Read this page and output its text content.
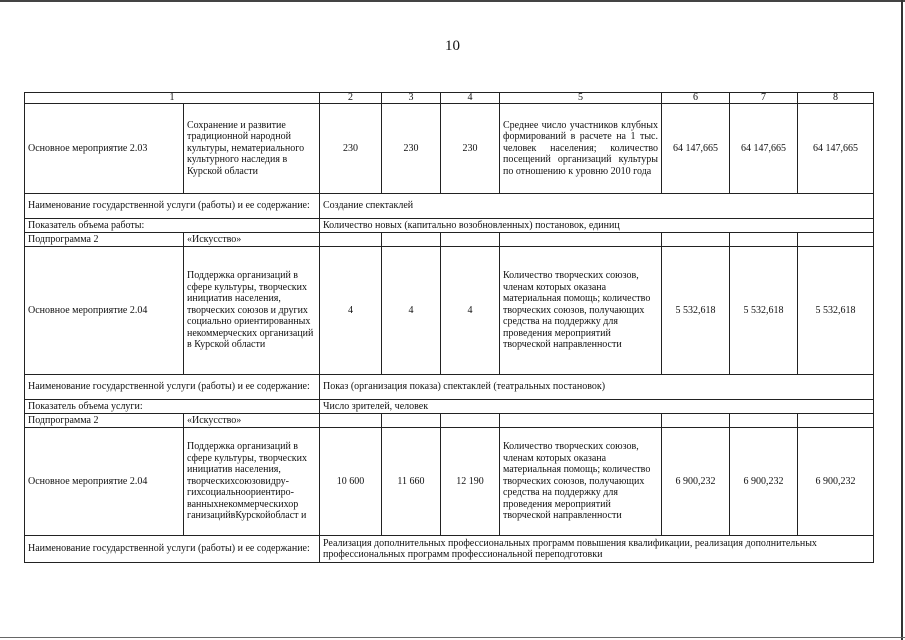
10
1		2	3	4	5	6	7	8
Основное мероприятие 2.03	Сохранение и развитие традиционной народной культуры, нематериального культурного наследия в Курской области	230	230	230	Среднее число участников клубных формирований в расчете на 1 тыс. человек населения; количество посещений организаций культуры по отношению к уровню 2010 года	64 147,665	64 147,665	64 147,665
Наименование государственной услуги (работы) и ее содержание:		Создание спектаклей						
Показатель объема работы:		Количество новых (капитально возобновленных) постановок, единиц						
Подпрограмма 2	«Искусство»							
Основное мероприятие 2.04	Поддержка организаций в сфере культуры, творческих инициатив населения, творческих союзов и других социально ориентированных некоммерческих организаций в Курской области	4	4	4	Количество творческих союзов, членам которых оказана материальная помощь; количество творческих союзов, получающих средства на поддержку для проведения мероприятий творческой направленности	5 532,618	5 532,618	5 532,618
Наименование государственной услуги (работы) и ее содержание:		Показ (организация показа) спектаклей (театральных постановок)						
Показатель объема услуги:		Число зрителей, человек						
Подпрограмма 2	«Искусство»							
Основное мероприятие 2.04	Поддержка организаций в сфере культуры, творческих инициатив населения, творческихсоюзовидру-гихсоциальноориентиро-ванныхнекоммерческихор ганизацийвКурскойобласт и	10 600	11 660	12 190	Количество творческих союзов, членам которых оказана материальная помощь; количество творческих союзов, получающих средства на поддержку для проведения мероприятий творческой направленности	6 900,232	6 900,232	6 900,232
Наименование государственной услуги (работы) и ее содержание:		Реализация дополнительных профессиональных программ повышения квалификации, реализация дополнительных профессиональных программ профессиональной переподготовки						
